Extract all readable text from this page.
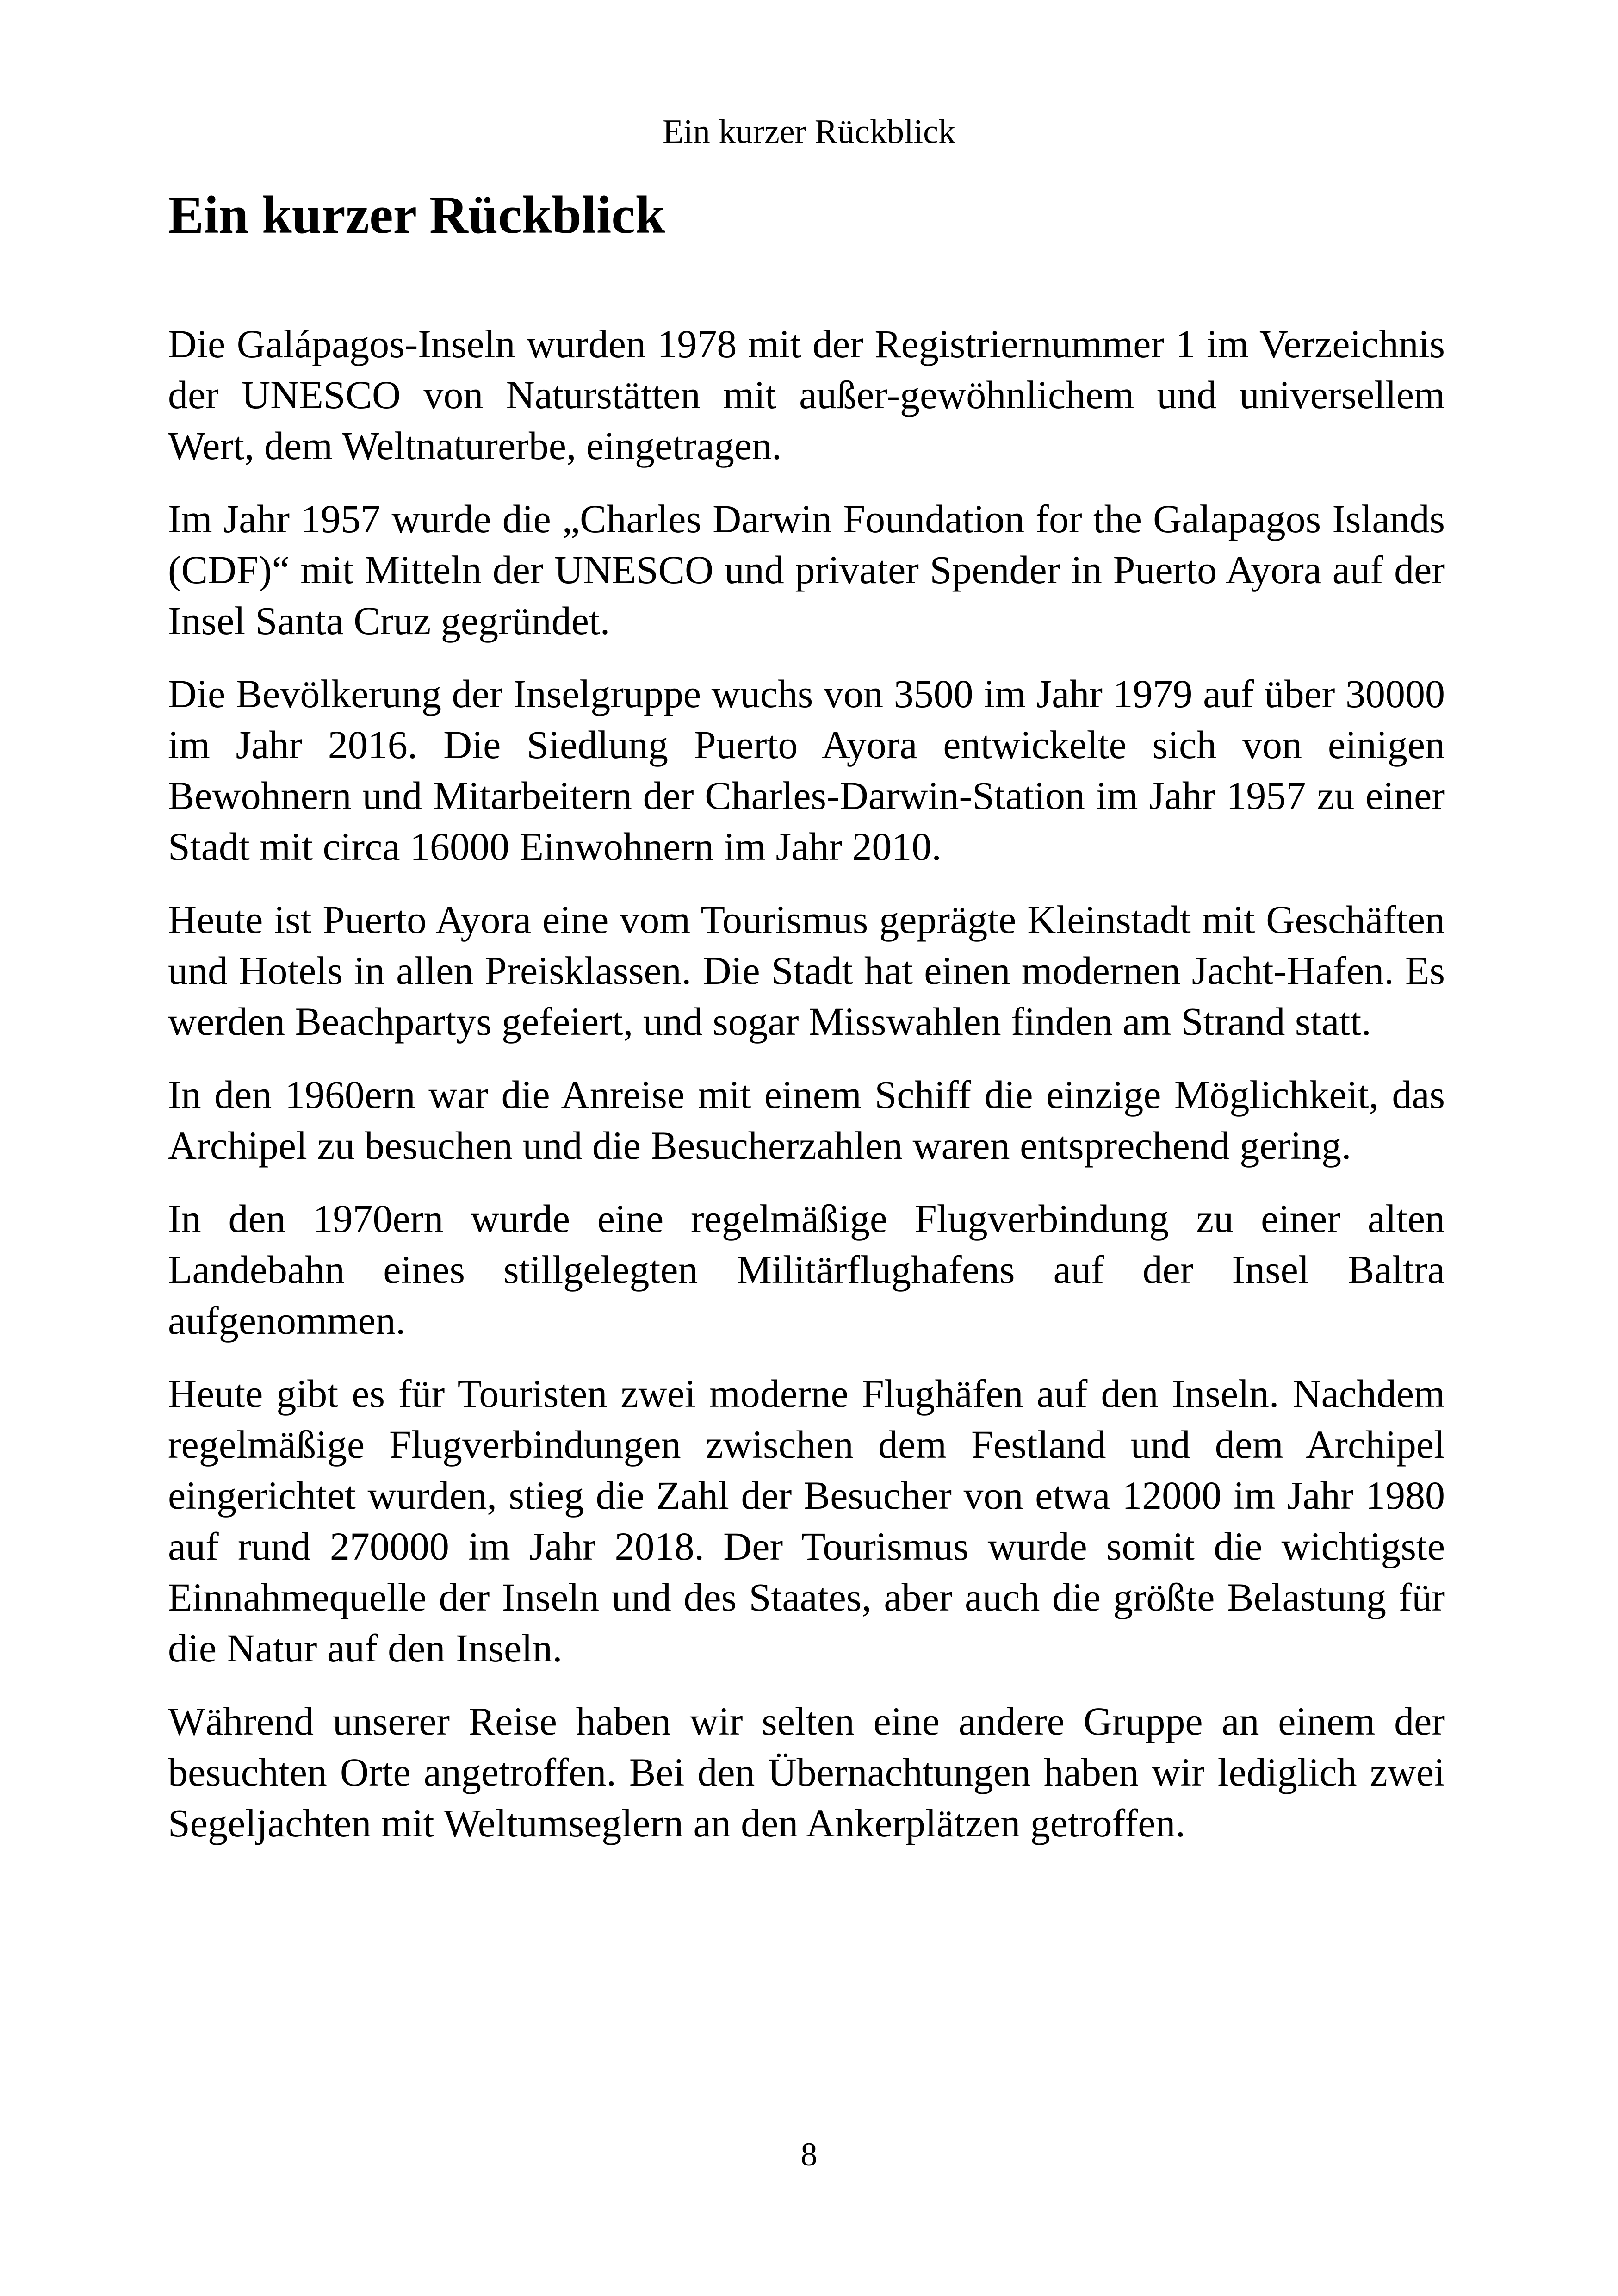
Ein kurzer Rückblick
Ein kurzer Rückblick

Die Galápagos-Inseln wurden 1978 mit der Registriernummer 1 im Verzeichnis der UNESCO von Naturstätten mit außer-gewöhnlichem und universellem Wert, dem Weltnaturerbe, eingetragen.

Im Jahr 1957 wurde die „Charles Darwin Foundation for the Galapagos Islands (CDF)“ mit Mitteln der UNESCO und privater Spender in Puerto Ayora auf der Insel Santa Cruz gegründet.

Die Bevölkerung der Inselgruppe wuchs von 3500 im Jahr 1979 auf über 30000 im Jahr 2016. Die Siedlung Puerto Ayora entwickelte sich von einigen Bewohnern und Mitarbeitern der Charles-Darwin-Station im Jahr 1957 zu einer Stadt mit circa 16000 Einwohnern im Jahr 2010.

Heute ist Puerto Ayora eine vom Tourismus geprägte Kleinstadt mit Geschäften und Hotels in allen Preisklassen. Die Stadt hat einen modernen Jacht-Hafen. Es werden Beachpartys gefeiert, und sogar Misswahlen finden am Strand statt.

In den 1960ern war die Anreise mit einem Schiff die einzige Möglichkeit, das Archipel zu besuchen und die Besucherzahlen waren entsprechend gering.

In den 1970ern wurde eine regelmäßige Flugverbindung zu einer alten Landebahn eines stillgelegten Militärflughafens auf der Insel Baltra aufgenommen.

Heute gibt es für Touristen zwei moderne Flughäfen auf den Inseln. Nachdem regelmäßige Flugverbindungen zwischen dem Festland und dem Archipel eingerichtet wurden, stieg die Zahl der Besucher von etwa 12000 im Jahr 1980 auf rund 270000 im Jahr 2018. Der Tourismus wurde somit die wichtigste Einnahmequelle der Inseln und des Staates, aber auch die größte Belastung für die Natur auf den Inseln.

Während unserer Reise haben wir selten eine andere Gruppe an einem der besuchten Orte angetroffen. Bei den Übernachtungen haben wir lediglich zwei Segeljachten mit Weltumseglern an den Ankerplätzen getroffen.

8
